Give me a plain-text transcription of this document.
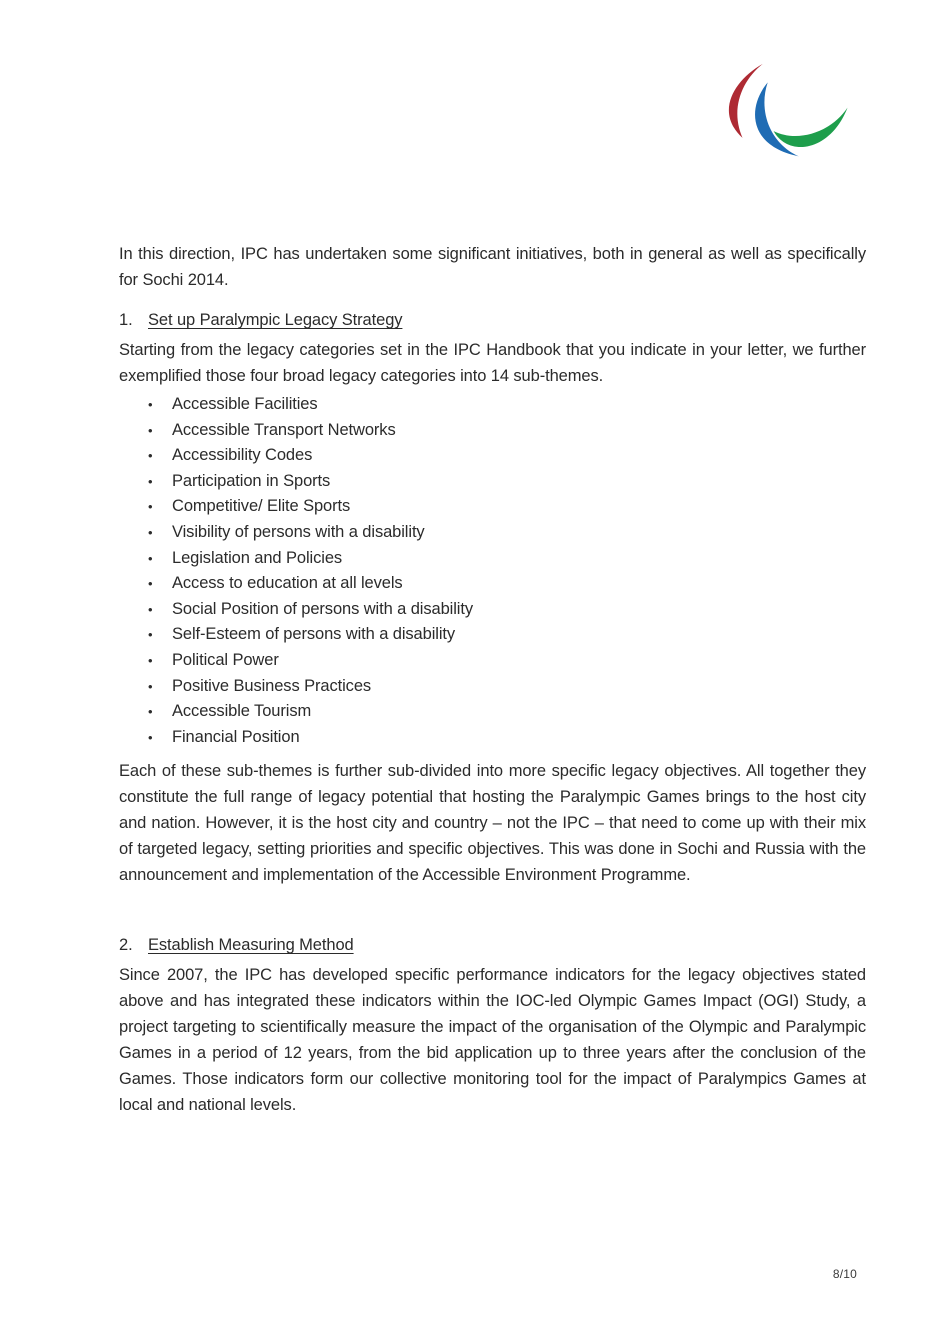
In this direction, IPC has undertaken some significant initiatives, both in general as well as specifically for Sochi 2014.

1. Set up Paralympic Legacy Strategy

Starting from the legacy categories set in the IPC Handbook that you indicate in your letter, we further exemplified those four broad legacy categories into 14 sub-themes.

• Accessible Facilities
• Accessible Transport Networks
• Accessibility Codes
• Participation in Sports
• Competitive/ Elite Sports
• Visibility of persons with a disability
• Legislation and Policies
• Access to education at all levels
• Social Position of persons with a disability
• Self-Esteem of persons with a disability
• Political Power
• Positive Business Practices
• Accessible Tourism
• Financial Position

Each of these sub-themes is further sub-divided into more specific legacy objectives. All together they constitute the full range of legacy potential that hosting the Paralympic Games brings to the host city and nation. However, it is the host city and country – not the IPC – that need to come up with their mix of targeted legacy, setting priorities and specific objectives. This was done in Sochi and Russia with the announcement and implementation of the Accessible Environment Programme.

2. Establish Measuring Method

Since 2007, the IPC has developed specific performance indicators for the legacy objectives stated above and has integrated these indicators within the IOC-led Olympic Games Impact (OGI) Study, a project targeting to scientifically measure the impact of the organisation of the Olympic and Paralympic Games in a period of 12 years, from the bid application up to three years after the conclusion of the Games. Those indicators form our collective monitoring tool for the impact of Paralympics Games at local and national levels.

8/10
